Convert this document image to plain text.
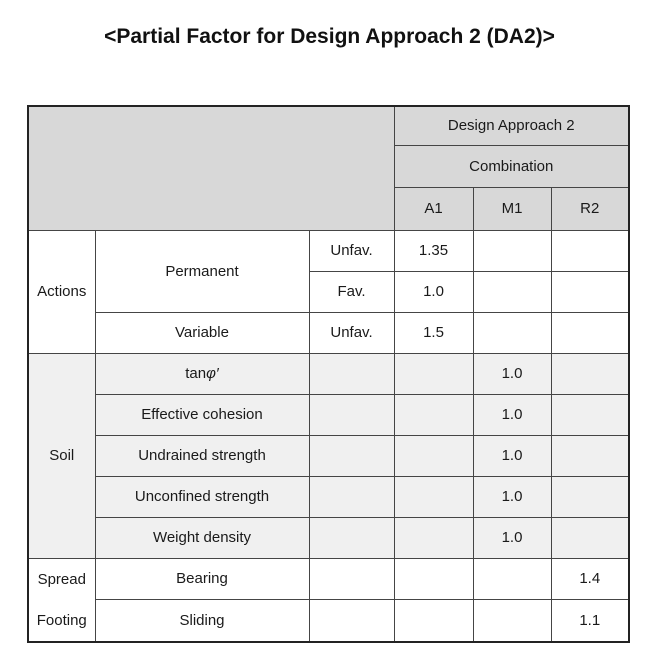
<Partial Factor for Design Approach 2 (DA2)>
			Design Approach 2		
			Combination		
			A1	M1	R2
Actions	Permanent	Unfav.	1.35		
		Fav.	1.0		
	Variable	Unfav.	1.5		
Soil	tanφ′			1.0	
	Effective cohesion			1.0	
	Undrained strength			1.0	
	Unconfined strength			1.0	
	Weight density			1.0	
Spread Footing	Bearing				1.4
	Sliding				1.1
